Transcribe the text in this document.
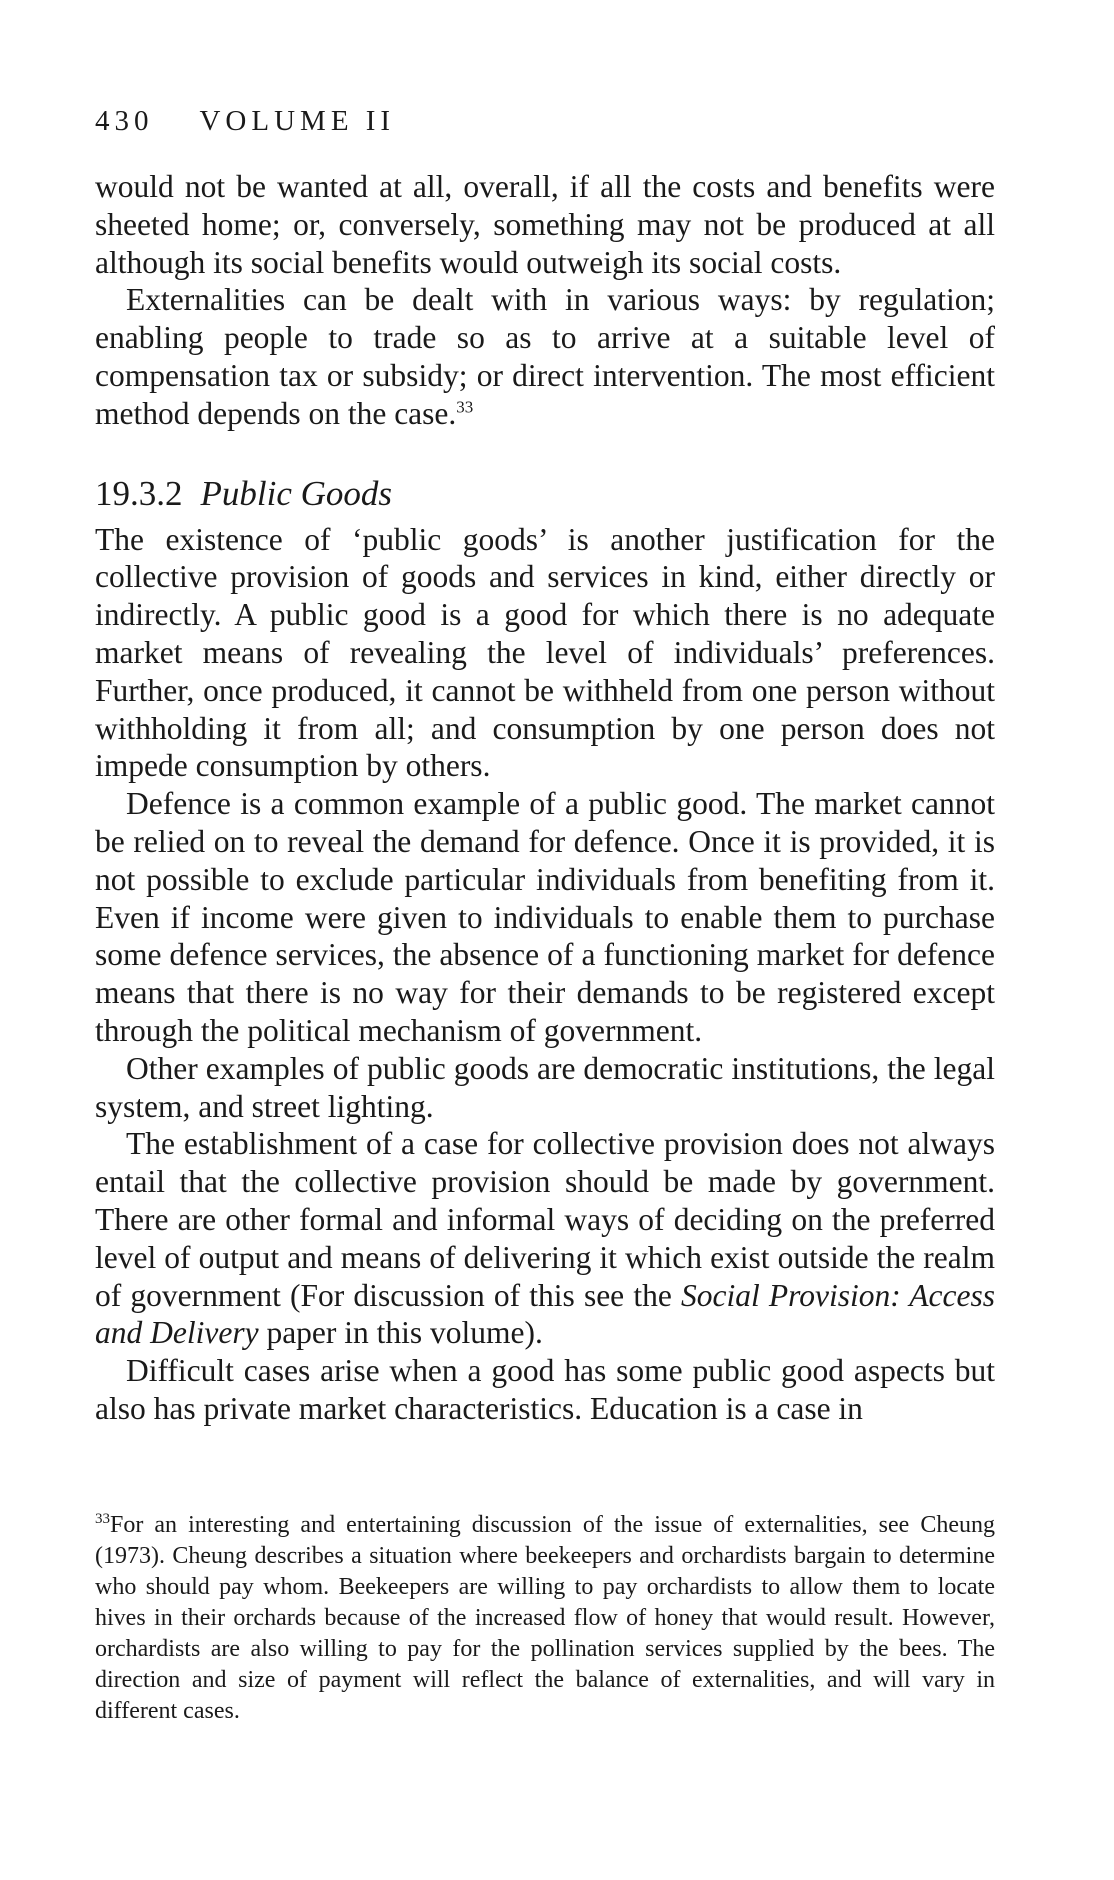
430 VOLUME II

would not be wanted at all, overall, if all the costs and benefits were sheeted home; or, conversely, something may not be produced at all although its social benefits would outweigh its social costs.

Externalities can be dealt with in various ways: by regulation; enabling people to trade so as to arrive at a suitable level of compensation tax or subsidy; or direct intervention. The most efficient method depends on the case.$^{33}$

19.3.2 Public Goods

The existence of ‘public goods’ is another justification for the collective provision of goods and services in kind, either directly or indirectly. A public good is a good for which there is no adequate market means of revealing the level of individuals’ preferences. Further, once produced, it cannot be withheld from one person without withholding it from all; and consumption by one person does not impede consumption by others.

Defence is a common example of a public good. The market cannot be relied on to reveal the demand for defence. Once it is provided, it is not possible to exclude particular individuals from benefiting from it. Even if income were given to individuals to enable them to purchase some defence services, the absence of a functioning market for defence means that there is no way for their demands to be registered except through the political mechanism of government.

Other examples of public goods are democratic institutions, the legal system, and street lighting.

The establishment of a case for collective provision does not always entail that the collective provision should be made by government. There are other formal and informal ways of deciding on the preferred level of output and means of delivering it which exist outside the realm of government (For discussion of this see the Social Provision: Access and Delivery paper in this volume).

Difficult cases arise when a good has some public good aspects but also has private market characteristics. Education is a case in

$^{33}$For an interesting and entertaining discussion of the issue of externalities, see Cheung (1973). Cheung describes a situation where beekeepers and orchardists bargain to determine who should pay whom. Beekeepers are willing to pay orchardists to allow them to locate hives in their orchards because of the increased flow of honey that would result. However, orchardists are also willing to pay for the pollination services supplied by the bees. The direction and size of payment will reflect the balance of externalities, and will vary in different cases.
